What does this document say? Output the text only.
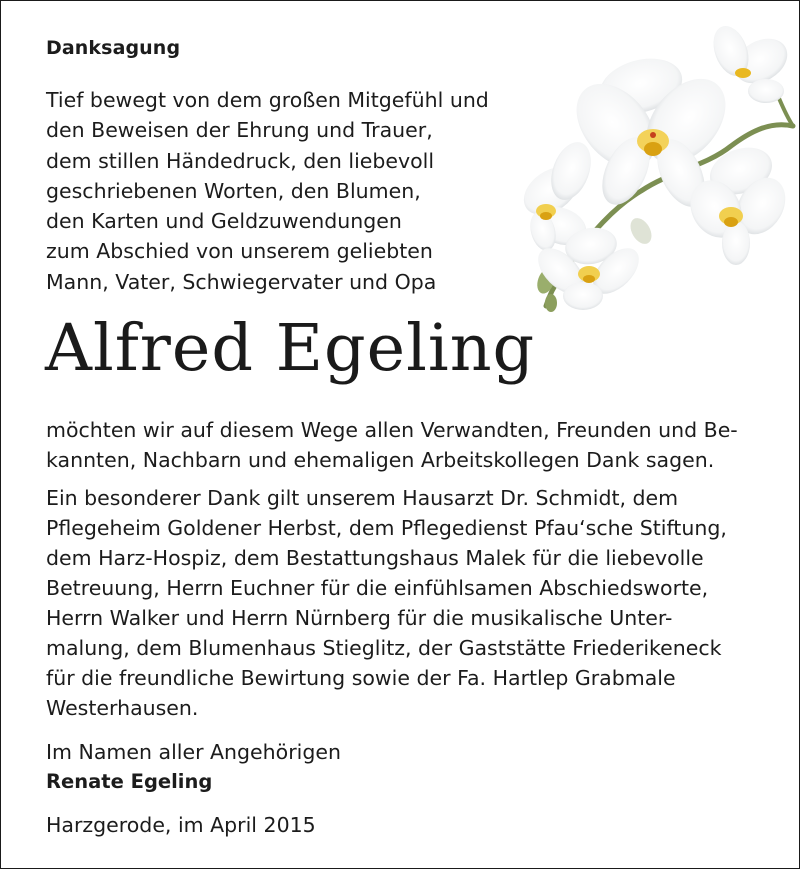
Danksagung
Tief bewegt von dem großen Mitgefühl und
den Beweisen der Ehrung und Trauer,
dem stillen Händedruck, den liebevoll
geschriebenen Worten, den Blumen,
den Karten und Geldzuwendungen
zum Abschied von unserem geliebten
Mann, Vater, Schwiegervater und Opa
Alfred Egeling
möchten wir auf diesem Wege allen Verwandten, Freunden und Be-
kannten, Nachbarn und ehemaligen Arbeitskollegen Dank sagen.
Ein besonderer Dank gilt unserem Hausarzt Dr. Schmidt, dem
Pflegeheim Goldener Herbst, dem Pflegedienst Pfau‘sche Stiftung,
dem Harz-Hospiz, dem Bestattungshaus Malek für die liebevolle
Betreuung, Herrn Euchner für die einfühlsamen Abschiedsworte,
Herrn Walker und Herrn Nürnberg für die musikalische Unter-
malung, dem Blumenhaus Stieglitz, der Gaststätte Friederikeneck
für die freundliche Bewirtung sowie der Fa. Hartlep Grabmale
Westerhausen.
Im Namen aller Angehörigen
Renate Egeling
Harzgerode, im April 2015
